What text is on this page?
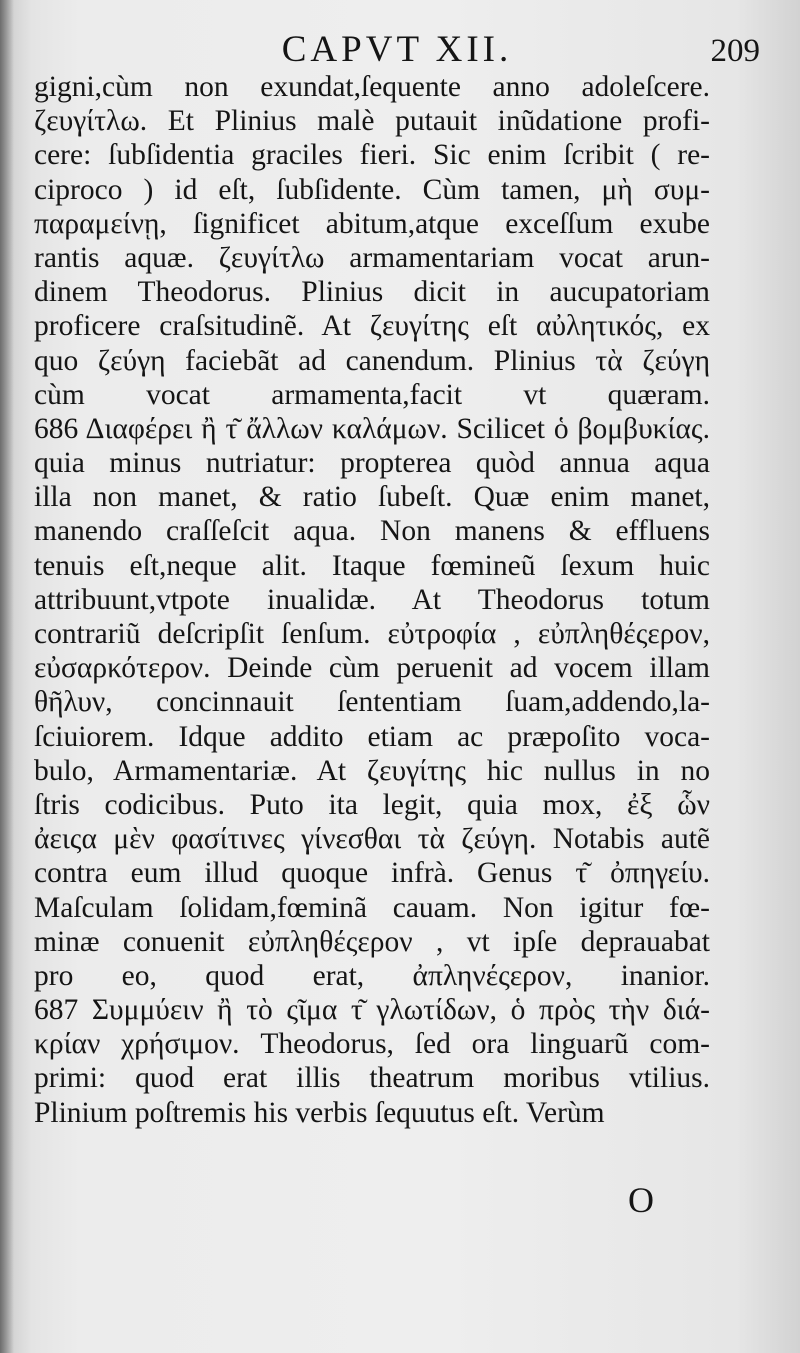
CAPVT XII.	209
gigni,cùm non exundat,ſequente anno adoleſcere.
ζευγίτλω. Et Plinius malè putauit inũdatione profi-
cere: ſubſidentia graciles fieri. Sic enim ſcribit ( re-
ciproco ) id eſt, ſubſidente. Cùm tamen, μὴ συμ-
παραμείνῃ, ſignificet abitum,atque exceſſum exube
rantis aquæ. ζευγίτλω armamentariam vocat arun-
dinem Theodorus. Plinius dicit in aucupatoriam
proficere craſsitudinẽ. At ζευγίτης eſt αὐλητικός, ex
quo ζεύγη faciebãt ad canendum. Plinius τὰ ζεύγη
cùm vocat armamenta,facit vt quæram.
686 Διαφέρει ἢ τ͂ ἄλλων καλάμων. Scilicet ὁ βομβυκίας.
quia minus nutriatur: propterea quòd annua aqua
illa non manet, & ratio ſubeſt. Quæ enim manet,
manendo craſſeſcit aqua. Non manens & effluens
tenuis eſt,neque alit. Itaque fœmineũ ſexum huic
attribuunt,vtpote inualidæ. At Theodorus totum
contrariũ deſcripſit ſenſum. εὐτροφία , εὐπληθέςερον,
εὐσαρκότερον. Deinde cùm peruenit ad vocem illam
θῆλυν, concinnauit ſententiam ſuam,addendo,la-
ſciuiorem. Idque addito etiam ac præpoſito voca-
bulo, Armamentariæ. At ζευγίτης hic nullus in no
ſtris codicibus. Puto ita legit, quia mox, ἐξ ὧν
ἀειςα μὲν φασίτινες γίνεσθαι τὰ ζεύγη. Notabis autẽ
contra eum illud quoque infrà. Genus τ͂ ὀπηγείυ.
Maſculam ſolidam,fœminã cauam. Non igitur fœ-
minæ conuenit εὐπληθέςερον , vt ipſe deprauabat
pro eo, quod erat, ἀπληνέςερον, inanior.
687 Συμμύειν ἢ τὸ ςῖμα τ͂ γλωτίδων, ὁ πρὸς τὴν διά-
κρίαν χρήσιμον. Theodorus, ſed ora linguarũ com-
primi: quod erat illis theatrum moribus vtilius.
Plinium poſtremis his verbis ſequutus eſt. Verùm
O
